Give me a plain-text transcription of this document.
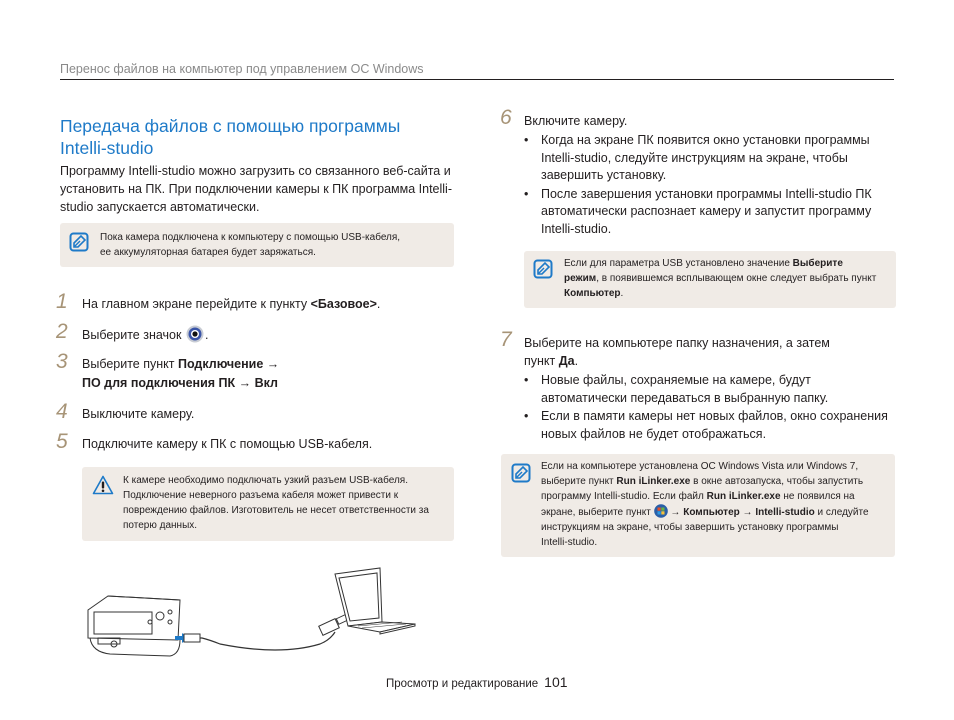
Перенос файлов на компьютер под управлением ОС Windows
Передача файлов с помощью программы
Intelli-studio
Программу Intelli-studio можно загрузить со связанного веб-сайта и установить на ПК. При подключении камеры к ПК программа Intelli-studio запускается автоматически.
Пока камера подключена к компьютеру с помощью USB-кабеля,
ее аккумуляторная батарея будет заряжаться.
1 На главном экране перейдите к пункту <Базовое>.
2 Выберите значок .
3 Выберите пункт Подключение →
ПО для подключения ПК → Вкл
4 Выключите камеру.
5 Подключите камеру к ПК с помощью USB-кабеля.
К камере необходимо подключать узкий разъем USB-кабеля.
Подключение неверного разъема кабеля может привести к
повреждению файлов. Изготовитель не несет ответственности за
потерю данных.
6 Включите камеру.
• Когда на экране ПК появится окно установки программы
Intelli-studio, следуйте инструкциям на экране, чтобы
завершить установку.
• После завершения установки программы Intelli-studio ПК
автоматически распознает камеру и запустит программу
Intelli-studio.
Если для параметра USB установлено значение Выберите
режим, в появившемся всплывающем окне следует выбрать пункт
Компьютер.
7 Выберите на компьютере папку назначения, а затем
пункт Да.
• Новые файлы, сохраняемые на камере, будут
автоматически передаваться в выбранную папку.
• Если в памяти камеры нет новых файлов, окно сохранения
новых файлов не будет отображаться.
Если на компьютере установлена ОС Windows Vista или Windows 7,
выберите пункт Run iLinker.exe в окне автозапуска, чтобы запустить
программу Intelli-studio. Если файл Run iLinker.exe не появился на
экране, выберите пункт  → Компьютер → Intelli-studio и следуйте
инструкциям на экране, чтобы завершить установку программы
Intelli-studio.
Просмотр и редактирование 101
